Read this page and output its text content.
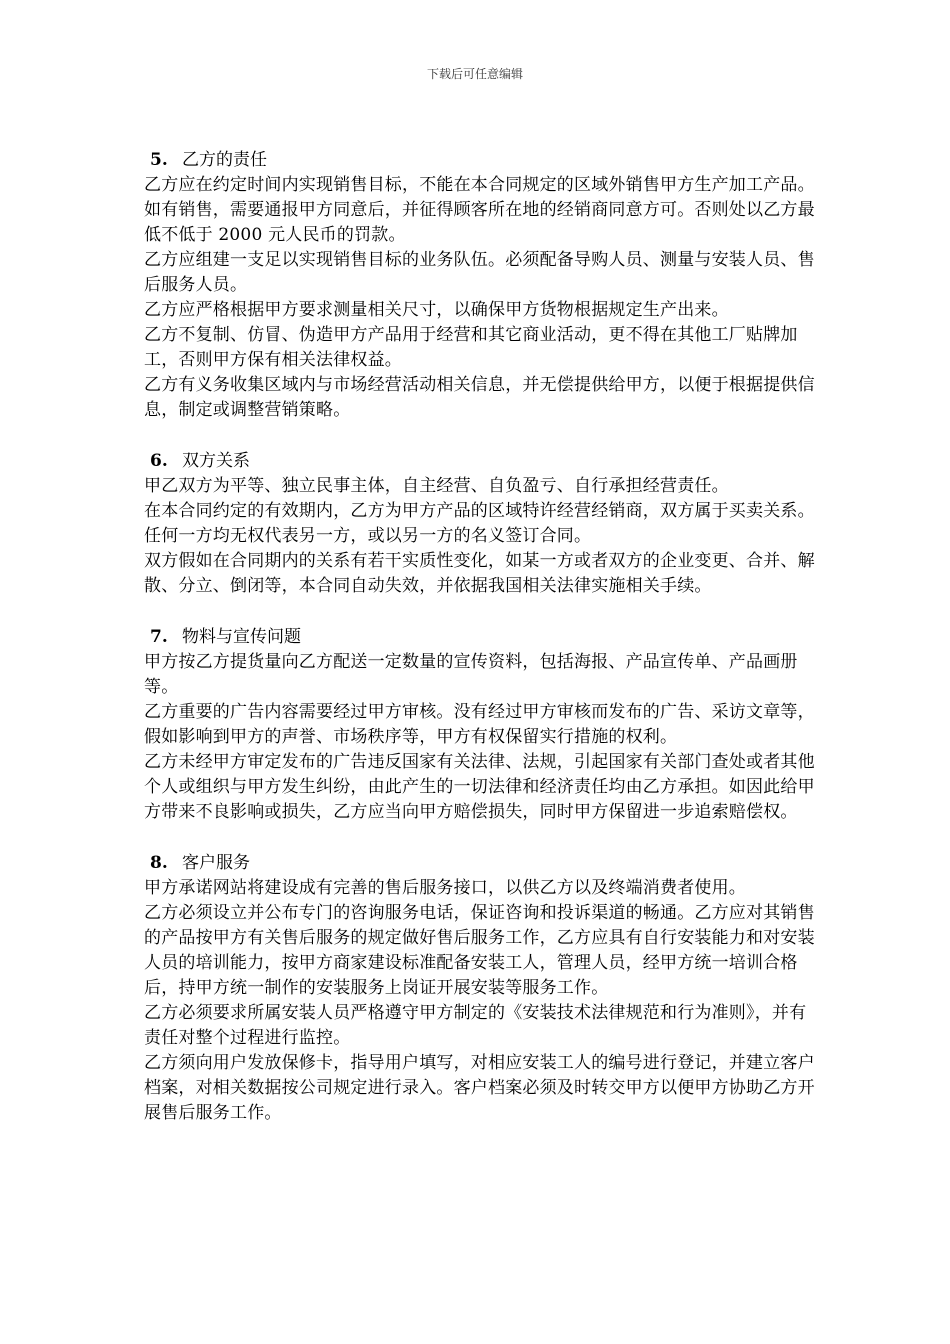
下载后可任意编辑
5. 乙方的责任

乙方应在约定时间内实现销售目标，不能在本合同规定的区域外销售甲方生产加工产品。如有销售，需要通报甲方同意后，并征得顾客所在地的经销商同意方可。否则处以乙方最低不低于 2000 元人民币的罚款。

乙方应组建一支足以实现销售目标的业务队伍。必须配备导购人员、测量与安装人员、售后服务人员。

乙方应严格根据甲方要求测量相关尺寸，以确保甲方货物根据规定生产出来。

乙方不复制、仿冒、伪造甲方产品用于经营和其它商业活动，更不得在其他工厂贴牌加工，否则甲方保有相关法律权益。

乙方有义务收集区域内与市场经营活动相关信息，并无偿提供给甲方，以便于根据提供信息，制定或调整营销策略。

6. 双方关系

甲乙双方为平等、独立民事主体，自主经营、自负盈亏、自行承担经营责任。

在本合同约定的有效期内，乙方为甲方产品的区域特许经营经销商，双方属于买卖关系。任何一方均无权代表另一方，或以另一方的名义签订合同。

双方假如在合同期内的关系有若干实质性变化，如某一方或者双方的企业变更、合并、解散、分立、倒闭等，本合同自动失效，并依据我国相关法律实施相关手续。

7. 物料与宣传问题

甲方按乙方提货量向乙方配送一定数量的宣传资料，包括海报、产品宣传单、产品画册等。

乙方重要的广告内容需要经过甲方审核。没有经过甲方审核而发布的广告、采访文章等，假如影响到甲方的声誉、市场秩序等，甲方有权保留实行措施的权利。

乙方未经甲方审定发布的广告违反国家有关法律、法规，引起国家有关部门查处或者其他个人或组织与甲方发生纠纷，由此产生的一切法律和经济责任均由乙方承担。如因此给甲方带来不良影响或损失，乙方应当向甲方赔偿损失，同时甲方保留进一步追索赔偿权。

8. 客户服务

甲方承诺网站将建设成有完善的售后服务接口，以供乙方以及终端消费者使用。

乙方必须设立并公布专门的咨询服务电话，保证咨询和投诉渠道的畅通。乙方应对其销售的产品按甲方有关售后服务的规定做好售后服务工作，乙方应具有自行安装能力和对安装人员的培训能力，按甲方商家建设标准配备安装工人，管理人员，经甲方统一培训合格后，持甲方统一制作的安装服务上岗证开展安装等服务工作。

乙方必须要求所属安装人员严格遵守甲方制定的《安装技术法律规范和行为准则》，并有责任对整个过程进行监控。

乙方须向用户发放保修卡，指导用户填写，对相应安装工人的编号进行登记，并建立客户档案，对相关数据按公司规定进行录入。客户档案必须及时转交甲方以便甲方协助乙方开展售后服务工作。
